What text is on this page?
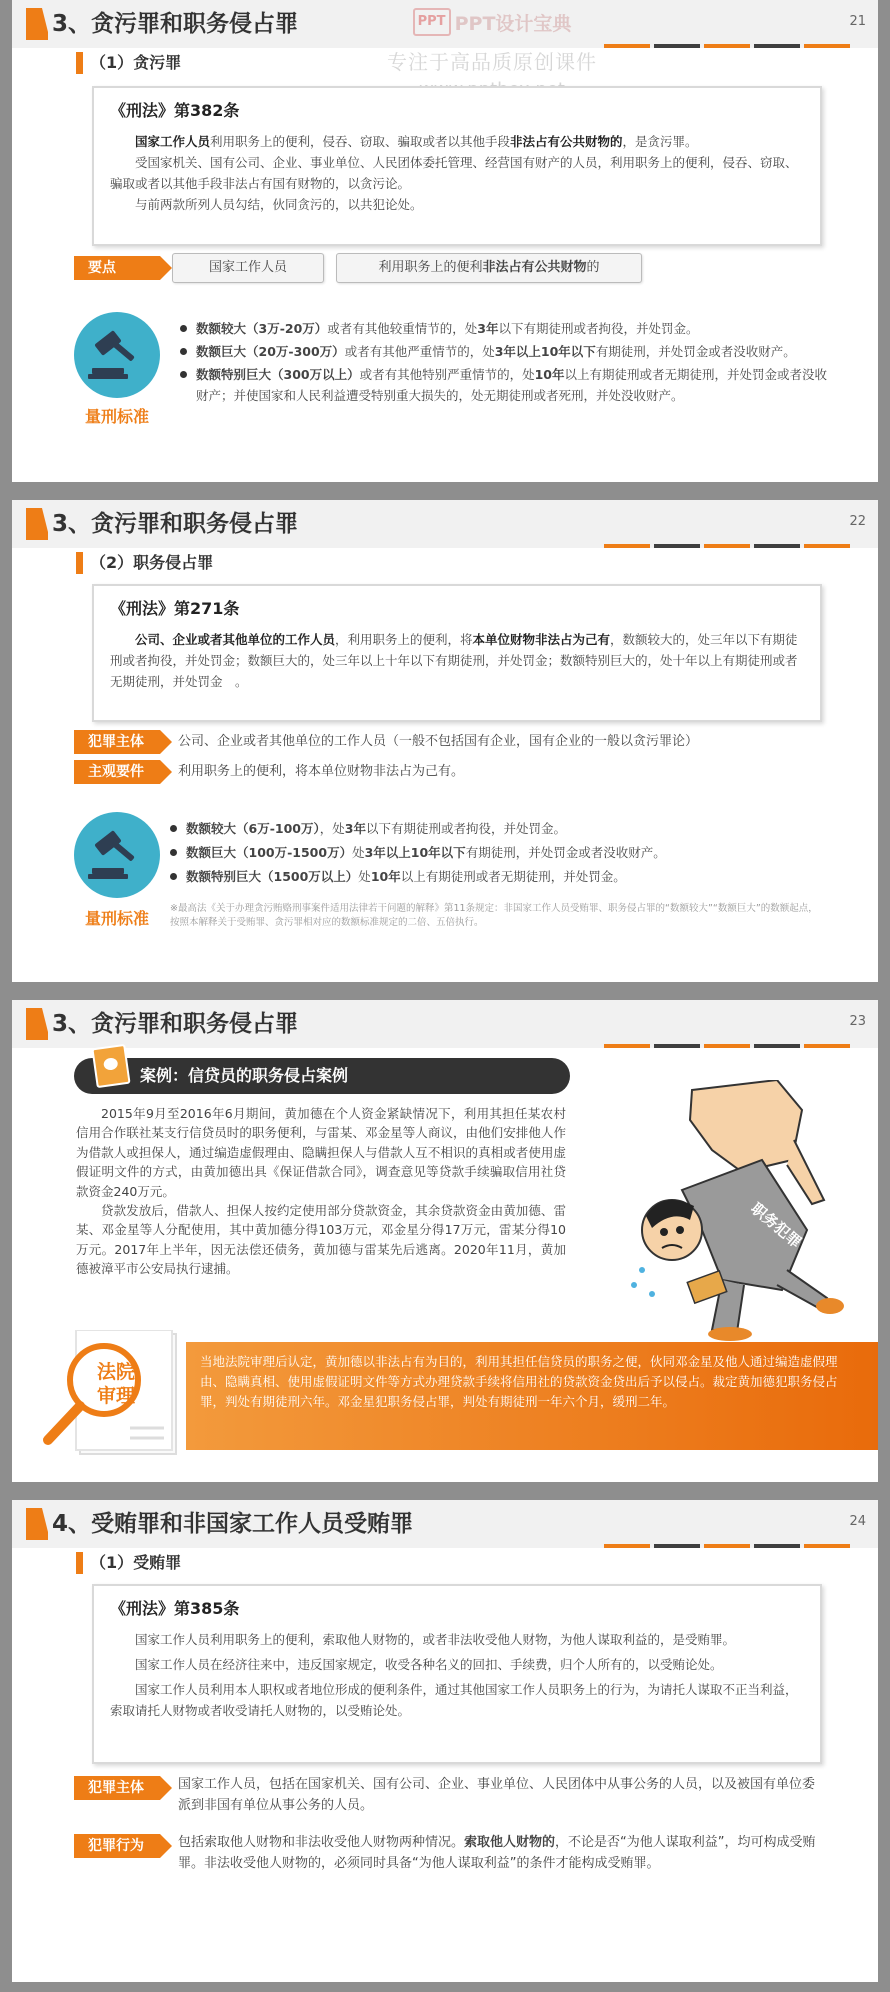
3、贪污罪和职务侵占罪	21
PPT PPT设计宝典
专注于高品质原创课件
（1）贪污罪
《刑法》第382条

国家工作人员利用职务上的便利，侵吞、窃取、骗取或者以其他手段非法占有公共财物的，是贪污罪。

受国家机关、国有公司、企业、事业单位、人民团体委托管理、经营国有财产的人员，利用职务上的便利，侵吞、窃取、骗取或者以其他手段非法占有国有财物的，以贪污论。

与前两款所列人员勾结，伙同贪污的，以共犯论处。

要点	国家工作人员	利用职务上的便利非法占有公共财物的
量刑标准
数额较大（3万-20万）或者有其他较重情节的，处3年以下有期徒刑或者拘役，并处罚金。
数额巨大（20万-300万）或者有其他严重情节的，处3年以上10年以下有期徒刑，并处罚金或者没收财产。
数额特别巨大（300万以上）或者有其他特别严重情节的，处10年以上有期徒刑或者无期徒刑，并处罚金或者没收财产；并使国家和人民利益遭受特别重大损失的，处无期徒刑或者死刑，并处没收财产。
3、贪污罪和职务侵占罪	22
（2）职务侵占罪
《刑法》第271条

公司、企业或者其他单位的工作人员，利用职务上的便利，将本单位财物非法占为己有，数额较大的，处三年以下有期徒刑或者拘役，并处罚金；数额巨大的，处三年以上十年以下有期徒刑，并处罚金；数额特别巨大的，处十年以上有期徒刑或者无期徒刑，并处罚金　。

犯罪主体	公司、企业或者其他单位的工作人员（一般不包括国有企业，国有企业的一般以贪污罪论）
主观要件	利用职务上的便利，将本单位财物非法占为己有。
量刑标准
数额较大（6万-100万），处3年以下有期徒刑或者拘役，并处罚金。
数额巨大（100万-1500万）处3年以上10年以下有期徒刑，并处罚金或者没收财产。
数额特别巨大（1500万以上）处10年以上有期徒刑或者无期徒刑，并处罚金。
※最高法《关于办理贪污贿赂刑事案件适用法律若干问题的解释》第11条规定：非国家工作人员受贿罪、职务侵占罪的“数额较大”“数额巨大”的数额起点，按照本解释关于受贿罪、贪污罪相对应的数额标准规定的二倍、五倍执行。
3、贪污罪和职务侵占罪	23
案例：信贷员的职务侵占案例

2015年9月至2016年6月期间，黄加德在个人资金紧缺情况下，利用其担任某农村信用合作联社某支行信贷员时的职务便利，与雷某、邓金星等人商议，由他们安排他人作为借款人或担保人，通过编造虚假理由、隐瞒担保人与借款人互不相识的真相或者使用虚假证明文件的方式，由黄加德出具《保证借款合同》，调查意见等贷款手续骗取信用社贷款资金240万元。

贷款发放后，借款人、担保人按约定使用部分贷款资金，其余贷款资金由黄加德、雷某、邓金星等人分配使用，其中黄加德分得103万元，邓金星分得17万元，雷某分得10万元。2017年上半年，因无法偿还债务，黄加德与雷某先后逃离。2020年11月，黄加德被漳平市公安局执行逮捕。

职务犯罪
当地法院审理后认定，黄加德以非法占有为目的，利用其担任信贷员的职务之便，伙同邓金星及他人通过编造虚假理由、隐瞒真相、使用虚假证明文件等方式办理贷款手续将信用社的贷款资金贷出后予以侵占。裁定黄加德犯职务侵占罪，判处有期徒刑六年。邓金星犯职务侵占罪，判处有期徒刑一年六个月，缓刑二年。
法院审理
4、受贿罪和非国家工作人员受贿罪	24
（1）受贿罪
《刑法》第385条

国家工作人员利用职务上的便利，索取他人财物的，或者非法收受他人财物，为他人谋取利益的，是受贿罪。

国家工作人员在经济往来中，违反国家规定，收受各种名义的回扣、手续费，归个人所有的，以受贿论处。

国家工作人员利用本人职权或者地位形成的便利条件，通过其他国家工作人员职务上的行为，为请托人谋取不正当利益，索取请托人财物或者收受请托人财物的，以受贿论处。

犯罪主体	国家工作人员，包括在国家机关、国有公司、企业、事业单位、人民团体中从事公务的人员，以及被国有单位委派到非国有单位从事公务的人员。
犯罪行为	包括索取他人财物和非法收受他人财物两种情况。索取他人财物的，不论是否“为他人谋取利益”，均可构成受贿罪。非法收受他人财物的，必须同时具备“为他人谋取利益”的条件才能构成受贿罪。
